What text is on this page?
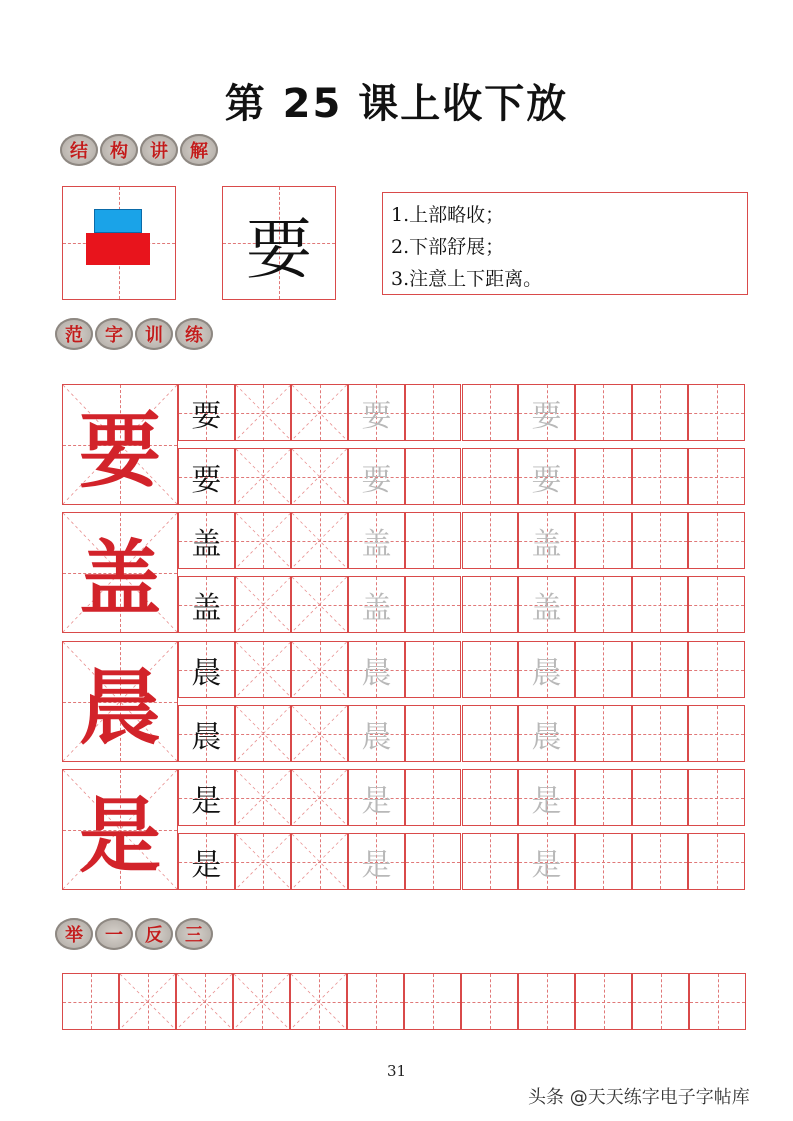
第 25 课上收下放
结	构	讲	解
要	1.上部略收；
2.下部舒展；
3.注意上下距离。
范	字	训	练
举	一	反	三
31
头条 @天天练字电子字帖库
要	要	要	要
要	要	要
盖	盖	盖	盖
盖	盖	盖
晨	晨	晨	晨
晨	晨	晨
是	是	是	是
是	是	是
